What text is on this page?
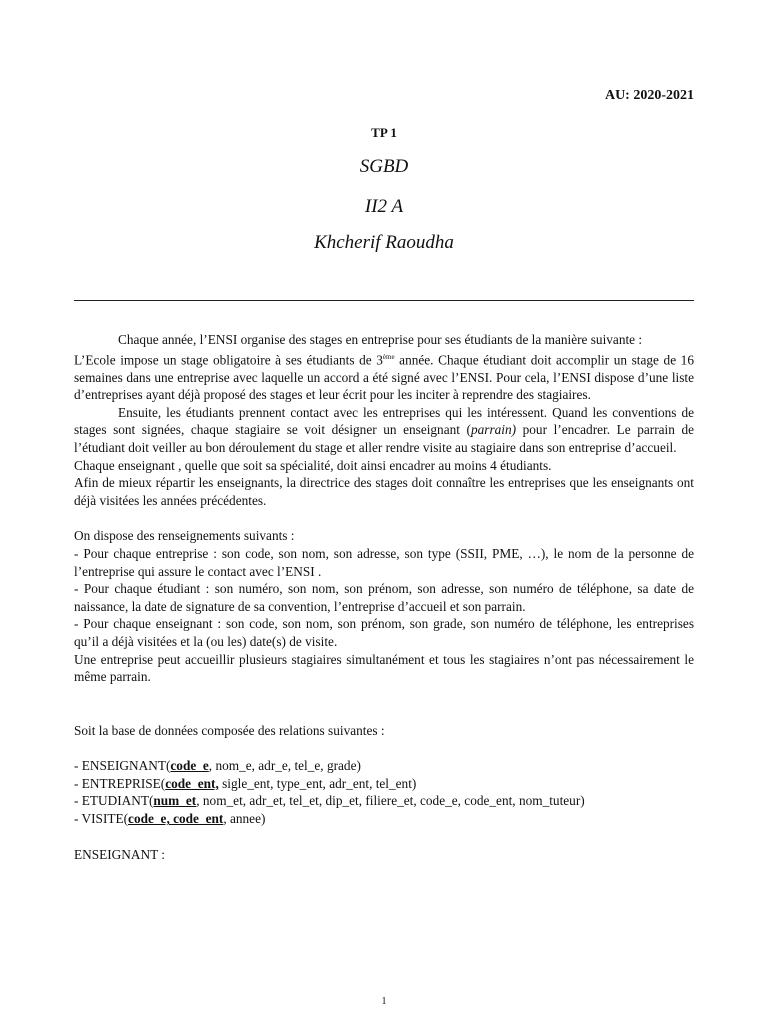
AU: 2020-2021
TP 1
SGBD
II2 A
Khcherif Raoudha

Chaque année, l’ENSI organise des stages en entreprise pour ses étudiants de la manière suivante :

L’Ecole impose un stage obligatoire à ses étudiants de 3ème année. Chaque étudiant doit accomplir un stage de 16 semaines dans une entreprise avec laquelle un accord a été signé avec l’ENSI. Pour cela, l’ENSI dispose d’une liste d’entreprises ayant déjà proposé des stages et leur écrit pour les inciter à reprendre des stagiaires.

Ensuite, les étudiants prennent contact avec les entreprises qui les intéressent. Quand les conventions de stages sont signées, chaque stagiaire se voit désigner un enseignant (parrain) pour l’encadrer. Le parrain de l’étudiant doit veiller au bon déroulement du stage et aller rendre visite au stagiaire dans son entreprise d’accueil.

Chaque enseignant , quelle que soit sa spécialité, doit ainsi encadrer au moins 4 étudiants.

Afin de mieux répartir les enseignants, la directrice des stages doit connaître les entreprises que les enseignants ont déjà visitées les années précédentes.

On dispose des renseignements suivants :

- Pour chaque entreprise : son code, son nom, son adresse, son type (SSII, PME, …), le nom de la personne de l’entreprise qui assure le contact avec l’ENSI .

- Pour chaque étudiant : son numéro, son nom, son prénom, son adresse, son numéro de téléphone, sa date de naissance, la date de signature de sa convention, l’entreprise d’accueil et son parrain.

- Pour chaque enseignant : son code, son nom, son prénom, son grade, son numéro de téléphone, les entreprises qu’il a déjà visitées et la (ou les) date(s) de visite.

Une entreprise peut accueillir plusieurs stagiaires simultanément et tous les stagiaires n’ont pas nécessairement le même parrain.

Soit la base de données composée des relations suivantes :

- ENSEIGNANT(code_e, nom_e, adr_e, tel_e, grade)

- ENTREPRISE(code_ent, sigle_ent, type_ent, adr_ent, tel_ent)

- ETUDIANT(num_et, nom_et, adr_et, tel_et, dip_et, filiere_et, code_e, code_ent, nom_tuteur)

- VISITE(code_e, code_ent, annee)

ENSEIGNANT :

1
